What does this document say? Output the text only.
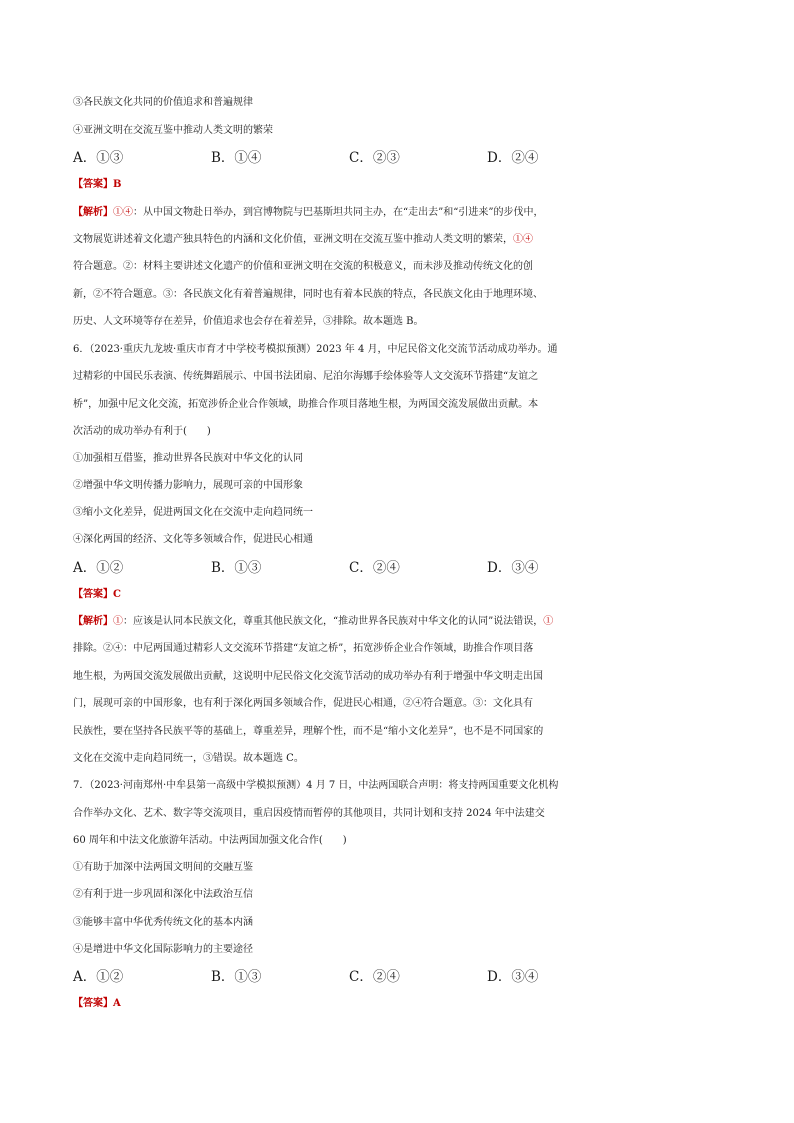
③各民族文化共同的价值追求和普遍规律
④亚洲文明在交流互鉴中推动人类文明的繁荣
A．①③	B．①④	C．②③	D．②④
【答案】B
【解析】①④：从中国文物赴日举办，到宫博物院与巴基斯坦共同主办，在“走出去”和“引进来”的步伐中，
文物展览讲述着文化遗产独具特色的内涵和文化价值，亚洲文明在交流互鉴中推动人类文明的繁荣，①④
符合题意。②：材料主要讲述文化遗产的价值和亚洲文明在交流的积极意义，而未涉及推动传统文化的创
新，②不符合题意。③：各民族文化有着普遍规律，同时也有着本民族的特点，各民族文化由于地理环境、
历史、人文环境等存在差异，价值追求也会存在着差异，③排除。故本题选 B。
6．（2023·重庆九龙坡·重庆市育才中学校考模拟预测）2023 年 4 月，中尼民俗文化交流节活动成功举办。通
过精彩的中国民乐表演、传统舞蹈展示、中国书法团扇、尼泊尔海娜手绘体验等人文交流环节搭建“友谊之
桥”，加强中尼文化交流，拓宽涉侨企业合作领域，助推合作项目落地生根，为两国交流发展做出贡献。本
次活动的成功举办有利于(　　)
①加强相互借鉴，推动世界各民族对中华文化的认同
②增强中华文明传播力影响力，展现可亲的中国形象
③缩小文化差异，促进两国文化在交流中走向趋同统一
④深化两国的经济、文化等多领域合作，促进民心相通
A．①②	B．①③	C．②④	D．③④
【答案】C
【解析】①：应该是认同本民族文化，尊重其他民族文化，“推动世界各民族对中华文化的认同”说法错误，①
排除。②④：中尼两国通过精彩人文交流环节搭建“友谊之桥”，拓宽涉侨企业合作领域，助推合作项目落
地生根，为两国交流发展做出贡献，这说明中尼民俗文化交流节活动的成功举办有利于增强中华文明走出国
门，展现可亲的中国形象，也有利于深化两国多领域合作，促进民心相通，②④符合题意。③：文化具有
民族性，要在坚持各民族平等的基础上，尊重差异，理解个性，而不是“缩小文化差异”，也不是不同国家的
文化在交流中走向趋同统一，③错误。故本题选 C。
7．（2023·河南郑州·中牟县第一高级中学模拟预测）4 月 7 日，中法两国联合声明：将支持两国重要文化机构
合作举办文化、艺术、数字等交流项目，重启因疫情而暂停的其他项目，共同计划和支持 2024 年中法建交
60 周年和中法文化旅游年活动。中法两国加强文化合作(　　)
①有助于加深中法两国文明间的交融互鉴
②有利于进一步巩固和深化中法政治互信
③能够丰富中华优秀传统文化的基本内涵
④是增进中华文化国际影响力的主要途径
A．①②	B．①③	C．②④	D．③④
【答案】A
